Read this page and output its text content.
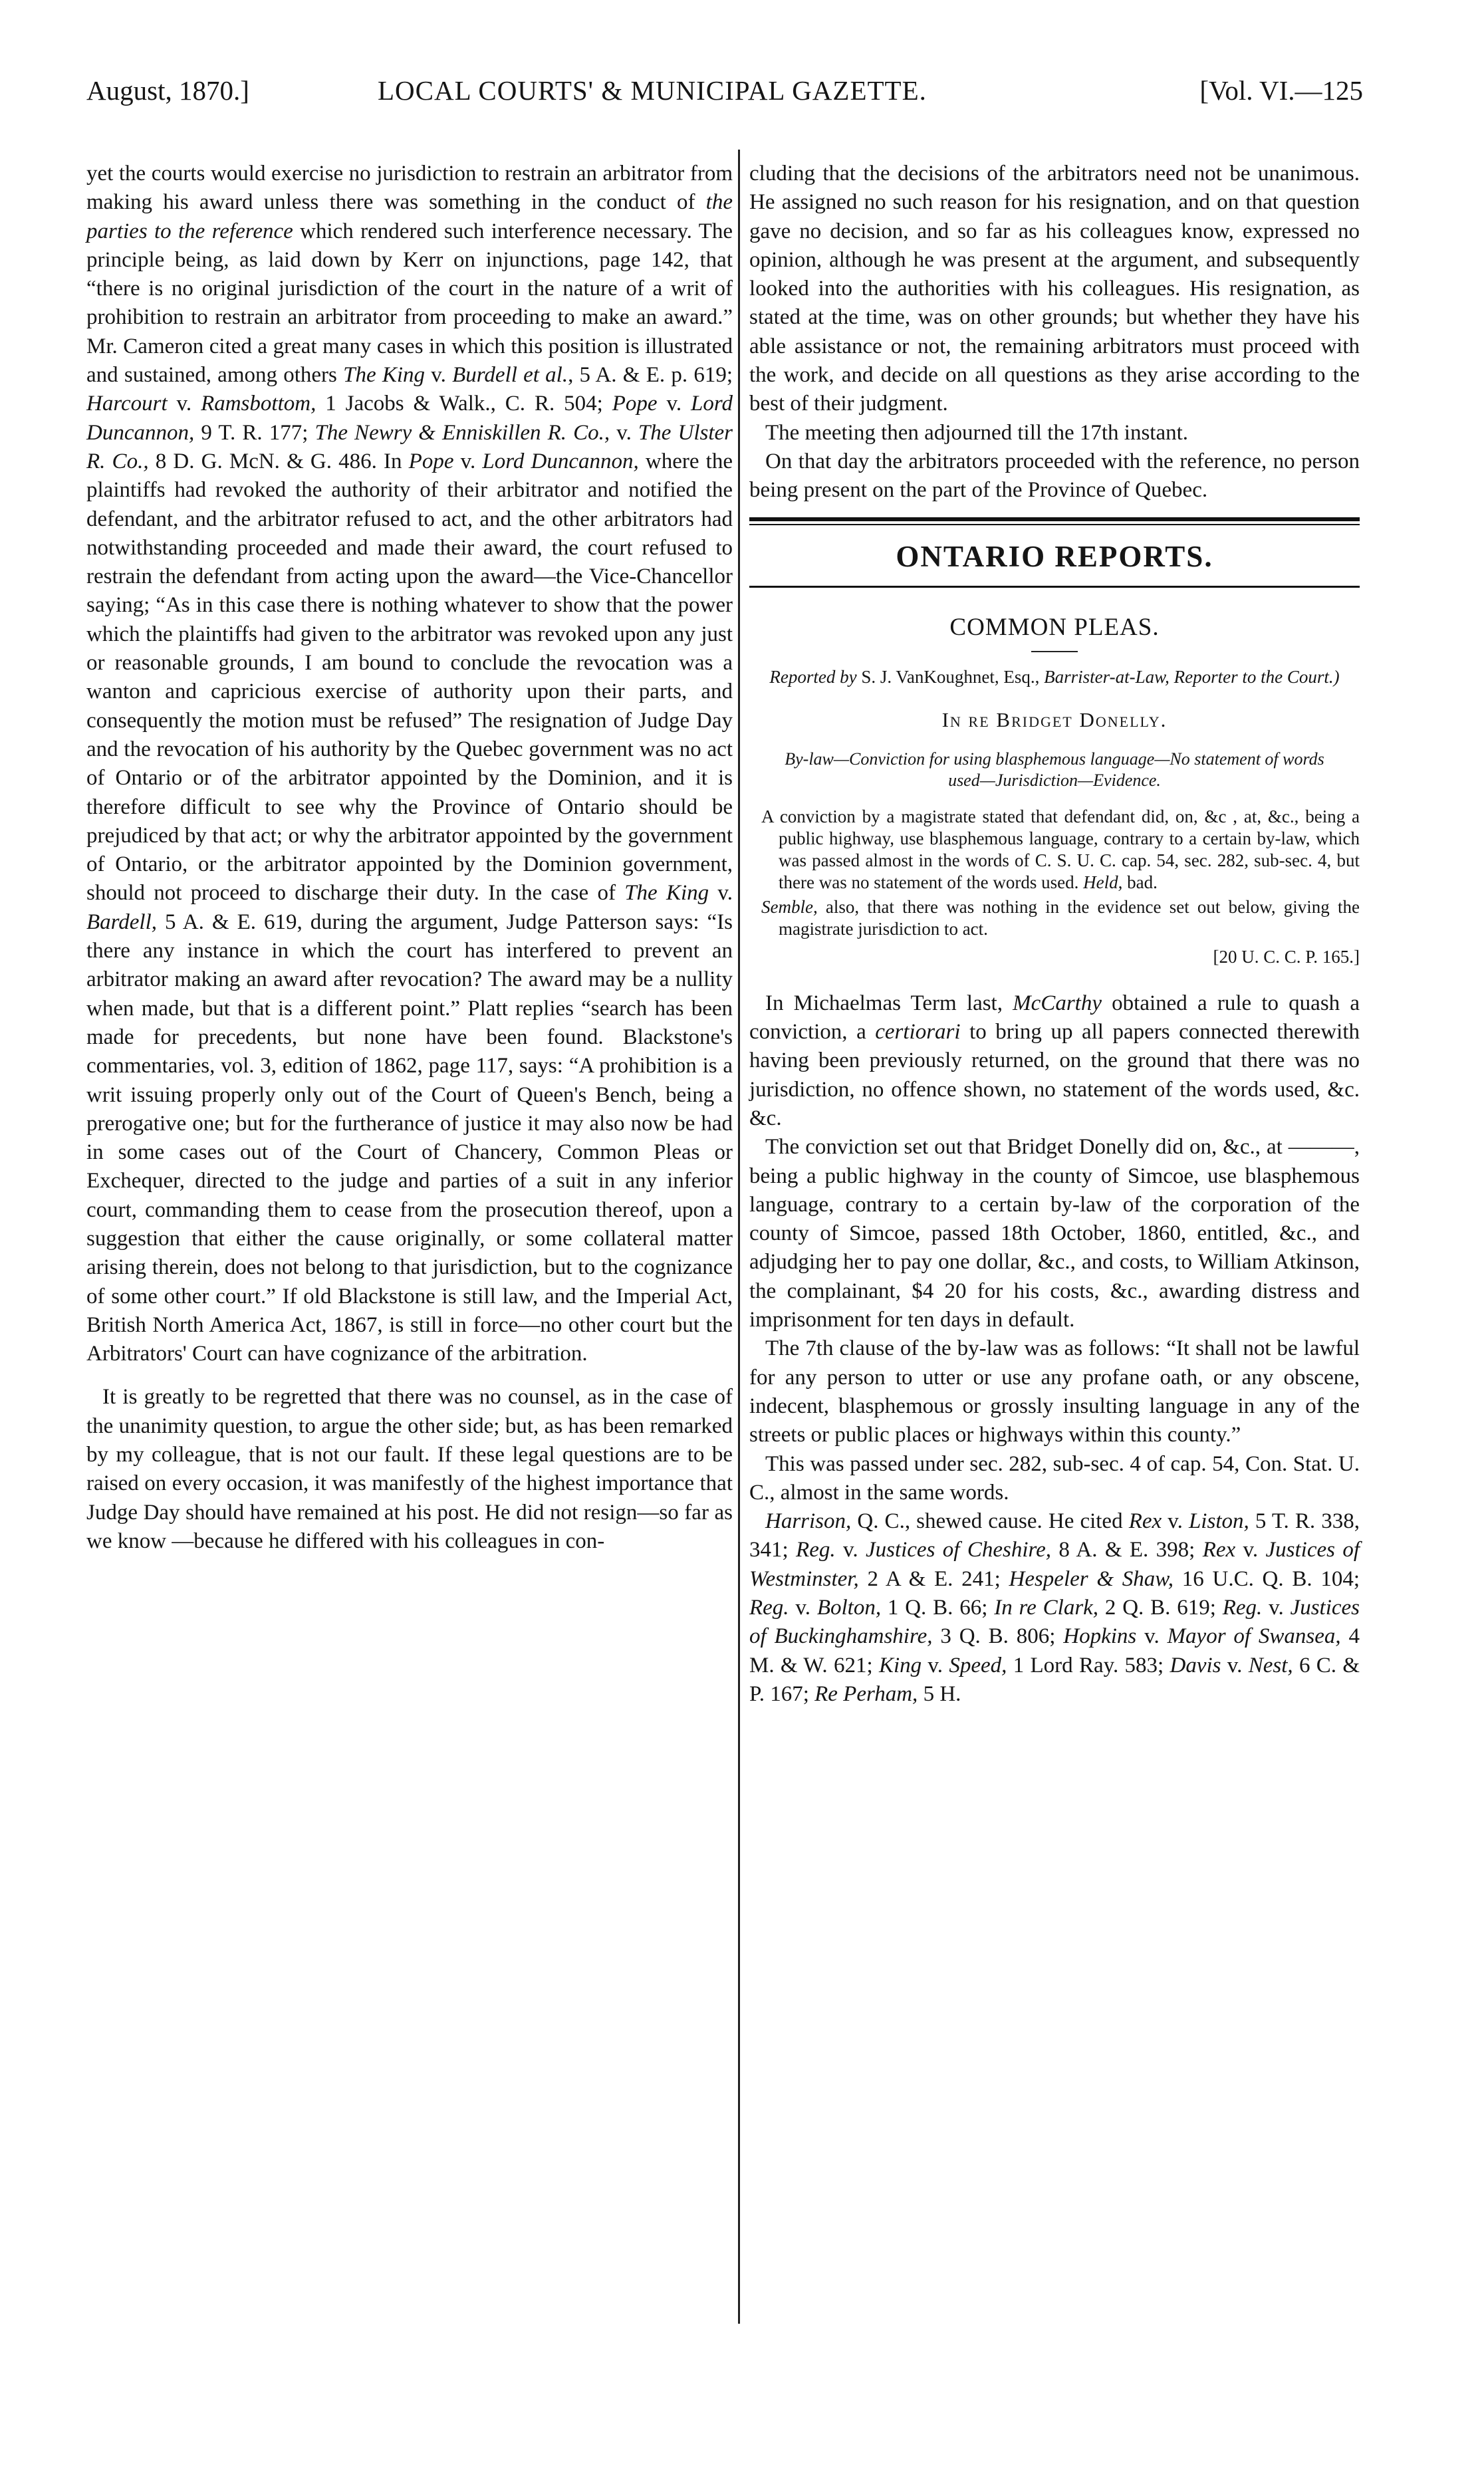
August, 1870.]	LOCAL COURTS' & MUNICIPAL GAZETTE.	[Vol. VI.—125

yet the courts would exercise no jurisdiction to restrain an arbitrator from making his award unless there was something in the conduct of the parties to the reference which rendered such interference necessary. The principle being, as laid down by Kerr on injunctions, page 142, that “there is no original jurisdiction of the court in the nature of a writ of prohibition to restrain an arbitrator from proceeding to make an award.” Mr. Cameron cited a great many cases in which this position is illustrated and sustained, among others The King v. Burdell et al., 5 A. & E. p. 619; Harcourt v. Ramsbottom, 1 Jacobs & Walk., C. R. 504; Pope v. Lord Duncannon, 9 T. R. 177; The Newry & Enniskillen R. Co., v. The Ulster R. Co., 8 D. G. McN. & G. 486. In Pope v. Lord Duncannon, where the plaintiffs had revoked the authority of their arbitrator and notified the defendant, and the arbitrator refused to act, and the other arbitrators had notwithstanding proceeded and made their award, the court refused to restrain the defendant from acting upon the award—the Vice-Chancellor saying; “As in this case there is nothing whatever to show that the power which the plaintiffs had given to the arbitrator was revoked upon any just or reasonable grounds, I am bound to conclude the revocation was a wanton and capricious exercise of authority upon their parts, and consequently the motion must be refused” The resignation of Judge Day and the revocation of his authority by the Quebec government was no act of Ontario or of the arbitrator appointed by the Dominion, and it is therefore difficult to see why the Province of Ontario should be prejudiced by that act; or why the arbitrator appointed by the government of Ontario, or the arbitrator appointed by the Dominion government, should not proceed to discharge their duty. In the case of The King v. Bardell, 5 A. & E. 619, during the argument, Judge Patterson says: “Is there any instance in which the court has interfered to prevent an arbitrator making an award after revocation? The award may be a nullity when made, but that is a different point.” Platt replies “search has been made for precedents, but none have been found. Blackstone's commentaries, vol. 3, edition of 1862, page 117, says: “A prohibition is a writ issuing properly only out of the Court of Queen's Bench, being a prerogative one; but for the furtherance of justice it may also now be had in some cases out of the Court of Chancery, Common Pleas or Exchequer, directed to the judge and parties of a suit in any inferior court, commanding them to cease from the prosecution thereof, upon a suggestion that either the cause originally, or some collateral matter arising therein, does not belong to that jurisdiction, but to the cognizance of some other court.” If old Blackstone is still law, and the Imperial Act, British North America Act, 1867, is still in force—no other court but the Arbitrators' Court can have cognizance of the arbitration.

It is greatly to be regretted that there was no counsel, as in the case of the unanimity question, to argue the other side; but, as has been remarked by my colleague, that is not our fault. If these legal questions are to be raised on every occasion, it was manifestly of the highest importance that Judge Day should have remained at his post. He did not resign—so far as we know —because he differed with his colleagues in con-

cluding that the decisions of the arbitrators need not be unanimous. He assigned no such reason for his resignation, and on that question gave no decision, and so far as his colleagues know, expressed no opinion, although he was present at the argument, and subsequently looked into the authorities with his colleagues. His resignation, as stated at the time, was on other grounds; but whether they have his able assistance or not, the remaining arbitrators must proceed with the work, and decide on all questions as they arise according to the best of their judgment.

The meeting then adjourned till the 17th instant.

On that day the arbitrators proceeded with the reference, no person being present on the part of the Province of Quebec.

ONTARIO REPORTS.
COMMON PLEAS.
Reported by S. J. VanKoughnet, Esq., Barrister-at-Law, Reporter to the Court.)
In re Bridget Donelly.
By-law—Conviction for using blasphemous language—No statement of words used—Jurisdiction—Evidence.

A conviction by a magistrate stated that defendant did, on, &c , at, &c., being a public highway, use blasphemous language, contrary to a certain by-law, which was passed almost in the words of C. S. U. C. cap. 54, sec. 282, sub-sec. 4, but there was no statement of the words used. Held, bad.

Semble, also, that there was nothing in the evidence set out below, giving the magistrate jurisdiction to act.

[20 U. C. C. P. 165.]

In Michaelmas Term last, McCarthy obtained a rule to quash a conviction, a certiorari to bring up all papers connected therewith having been previously returned, on the ground that there was no jurisdiction, no offence shown, no statement of the words used, &c. &c.

The conviction set out that Bridget Donelly did on, &c., at ———, being a public highway in the county of Simcoe, use blasphemous language, contrary to a certain by-law of the corporation of the county of Simcoe, passed 18th October, 1860, entitled, &c., and adjudging her to pay one dollar, &c., and costs, to William Atkinson, the complainant, $4 20 for his costs, &c., awarding distress and imprisonment for ten days in default.

The 7th clause of the by-law was as follows: “It shall not be lawful for any person to utter or use any profane oath, or any obscene, indecent, blasphemous or grossly insulting language in any of the streets or public places or highways within this county.”

This was passed under sec. 282, sub-sec. 4 of cap. 54, Con. Stat. U. C., almost in the same words.

Harrison, Q. C., shewed cause. He cited Rex v. Liston, 5 T. R. 338, 341; Reg. v. Justices of Cheshire, 8 A. & E. 398; Rex v. Justices of Westminster, 2 A & E. 241; Hespeler & Shaw, 16 U.C. Q. B. 104; Reg. v. Bolton, 1 Q. B. 66; In re Clark, 2 Q. B. 619; Reg. v. Justices of Buckinghamshire, 3 Q. B. 806; Hopkins v. Mayor of Swansea, 4 M. & W. 621; King v. Speed, 1 Lord Ray. 583; Davis v. Nest, 6 C. & P. 167; Re Perham, 5 H.
